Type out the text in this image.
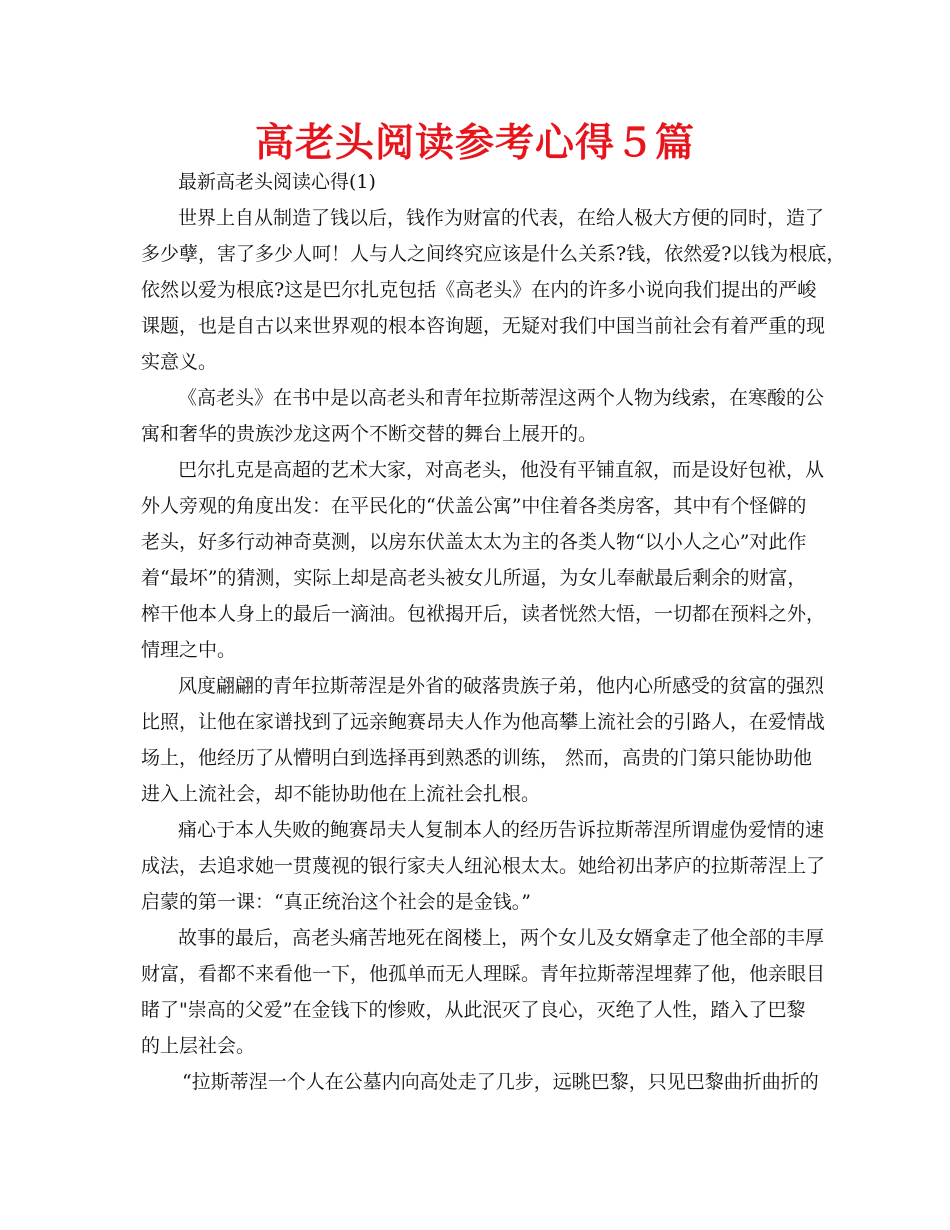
高老头阅读参考心得５篇
最新高老头阅读心得(1)
世界上自从制造了钱以后，钱作为财富的代表，在给人极大方便的同时，造了
多少孽，害了多少人呵！人与人之间终究应该是什么关系?钱，依然爱?以钱为根底，
依然以爱为根底?这是巴尔扎克包括《高老头》在内的许多小说向我们提出的严峻
课题，也是自古以来世界观的根本咨询题，无疑对我们中国当前社会有着严重的现
实意义。
《高老头》在书中是以高老头和青年拉斯蒂涅这两个人物为线索，在寒酸的公
寓和奢华的贵族沙龙这两个不断交替的舞台上展开的。
巴尔扎克是高超的艺术大家，对高老头，他没有平铺直叙，而是设好包袱，从
外人旁观的角度出发：在平民化的“伏盖公寓”中住着各类房客，其中有个怪僻的
老头，好多行动神奇莫测，以房东伏盖太太为主的各类人物“以小人之心”对此作
着“最坏”的猜测，实际上却是高老头被女儿所逼，为女儿奉献最后剩余的财富，
榨干他本人身上的最后一滴油。包袱揭开后，读者恍然大悟，一切都在预料之外，
情理之中。
风度翩翩的青年拉斯蒂涅是外省的破落贵族子弟，他内心所感受的贫富的强烈
比照，让他在家谱找到了远亲鲍赛昂夫人作为他高攀上流社会的引路人，在爱情战
场上，他经历了从懵明白到选择再到熟悉的训练， 然而，高贵的门第只能协助他
进入上流社会，却不能协助他在上流社会扎根。
痛心于本人失败的鲍赛昂夫人复制本人的经历告诉拉斯蒂涅所谓虚伪爱情的速
成法，去追求她一贯蔑视的银行家夫人纽沁根太太。她给初出茅庐的拉斯蒂涅上了
启蒙的第一课：“真正统治这个社会的是金钱。”
故事的最后，高老头痛苦地死在阁楼上，两个女儿及女婿拿走了他全部的丰厚
财富，看都不来看他一下，他孤单而无人理睬。青年拉斯蒂涅埋葬了他，他亲眼目
睹了"崇高的父爱”在金钱下的惨败，从此泯灭了良心，灭绝了人性，踏入了巴黎
的上层社会。
“拉斯蒂涅一个人在公墓内向高处走了几步，远眺巴黎，只见巴黎曲折曲折的
